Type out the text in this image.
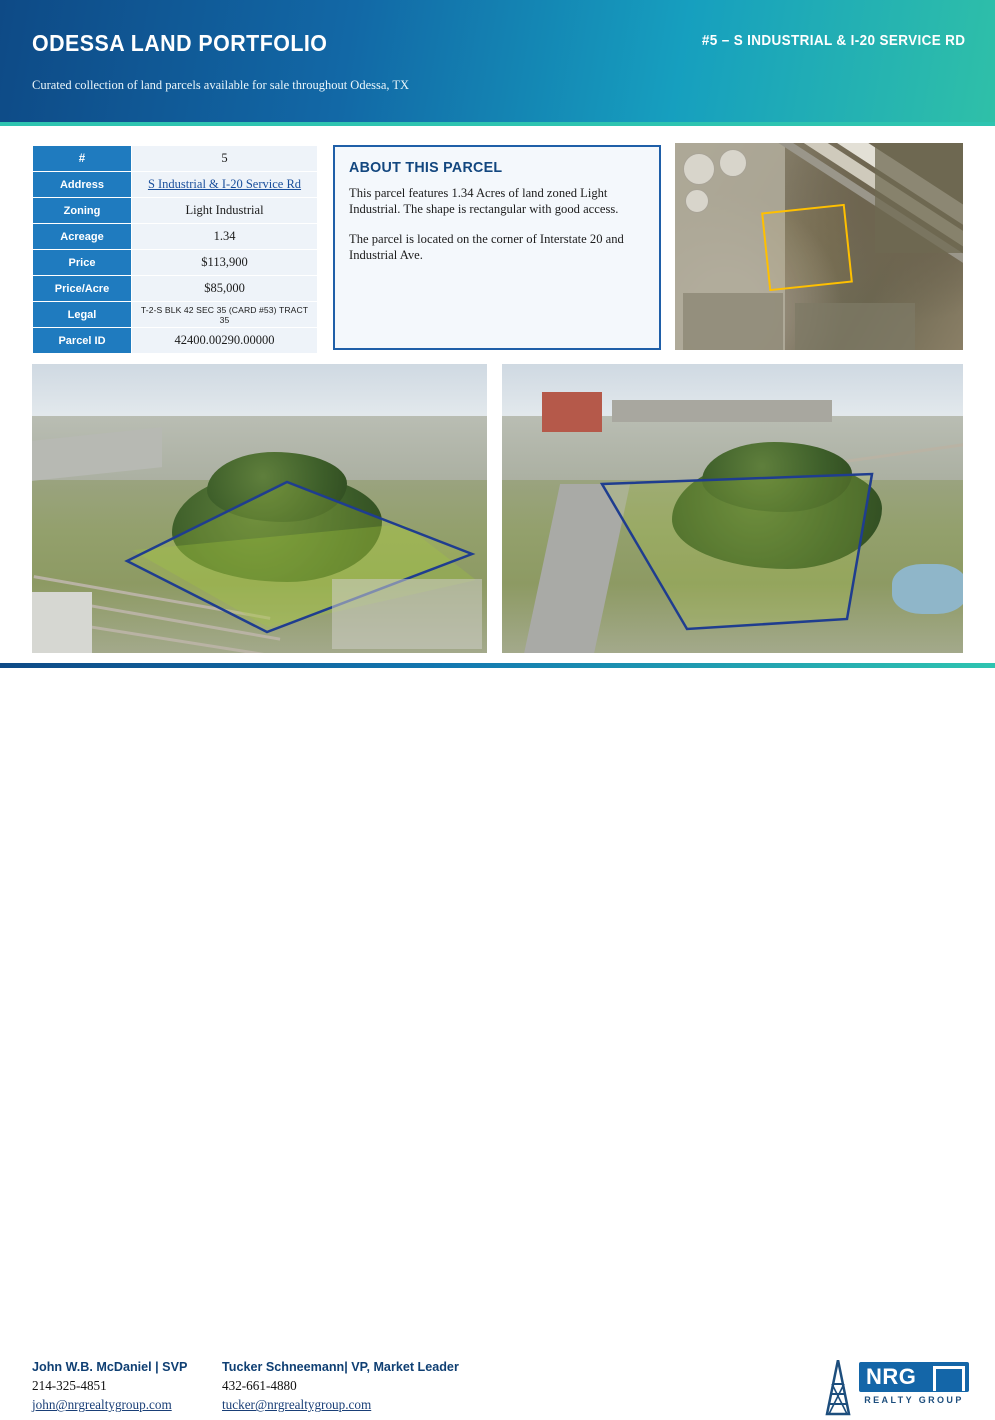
ODESSA LAND PORTFOLIO
Curated collection of land parcels available for sale throughout Odessa, TX
#5 – S INDUSTRIAL & I-20 SERVICE RD
#	5
Address	S Industrial & I-20 Service Rd
Zoning	Light Industrial
Acreage	1.34
Price	$113,900
Price/Acre	$85,000
Legal	T-2-S BLK 42 SEC 35 (CARD #53) TRACT 35
Parcel ID	42400.00290.00000
ABOUT THIS PARCEL

This parcel features 1.34 Acres of land zoned Light Industrial. The shape is rectangular with good access.

The parcel is located on the corner of Interstate 20 and Industrial Ave.

John W.B. McDaniel | SVP
214-325-4851
john@nrgrealtygroup.com
Tucker Schneemann| VP, Market Leader
432-661-4880
tucker@nrgrealtygroup.com
NRG
REALTY GROUP
